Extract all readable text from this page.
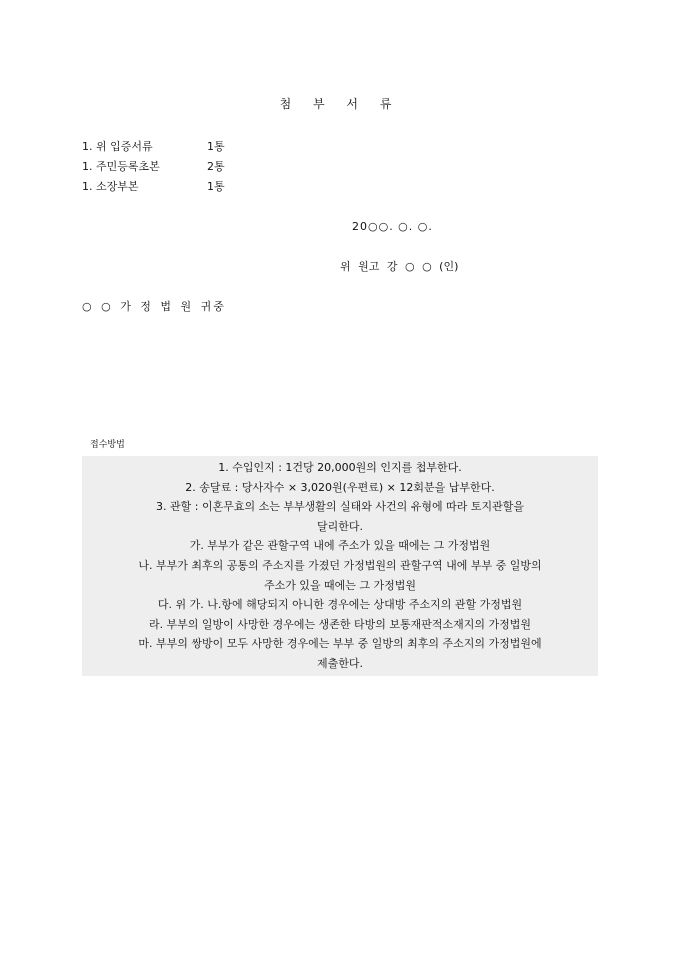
첨 부 서 류
1. 위 입증서류	1통
1. 주민등록초본	2통
1. 소장부본	1통
20○○. ○. ○.
위 원고 강 ○ ○ (인)
○ ○ 가 정 법 원 귀중
접수방법
1. 수입인지 : 1건당 20,000원의 인지를 첩부한다.
2. 송달료 : 당사자수 × 3,020원(우편료) × 12회분을 납부한다.
3. 관할 : 이혼무효의 소는 부부생활의 실태와 사건의 유형에 따라 토지관할을
달리한다.
가. 부부가 같은 관할구역 내에 주소가 있을 때에는 그 가정법원
나. 부부가 최후의 공통의 주소지를 가졌던 가정법원의 관할구역 내에 부부 중 일방의
주소가 있을 때에는 그 가정법원
다. 위 가. 나.항에 해당되지 아니한 경우에는 상대방 주소지의 관할 가정법원
라. 부부의 일방이 사망한 경우에는 생존한 타방의 보통재판적소재지의 가정법원
마. 부부의 쌍방이 모두 사망한 경우에는 부부 중 일방의 최후의 주소지의 가정법원에
제출한다.
